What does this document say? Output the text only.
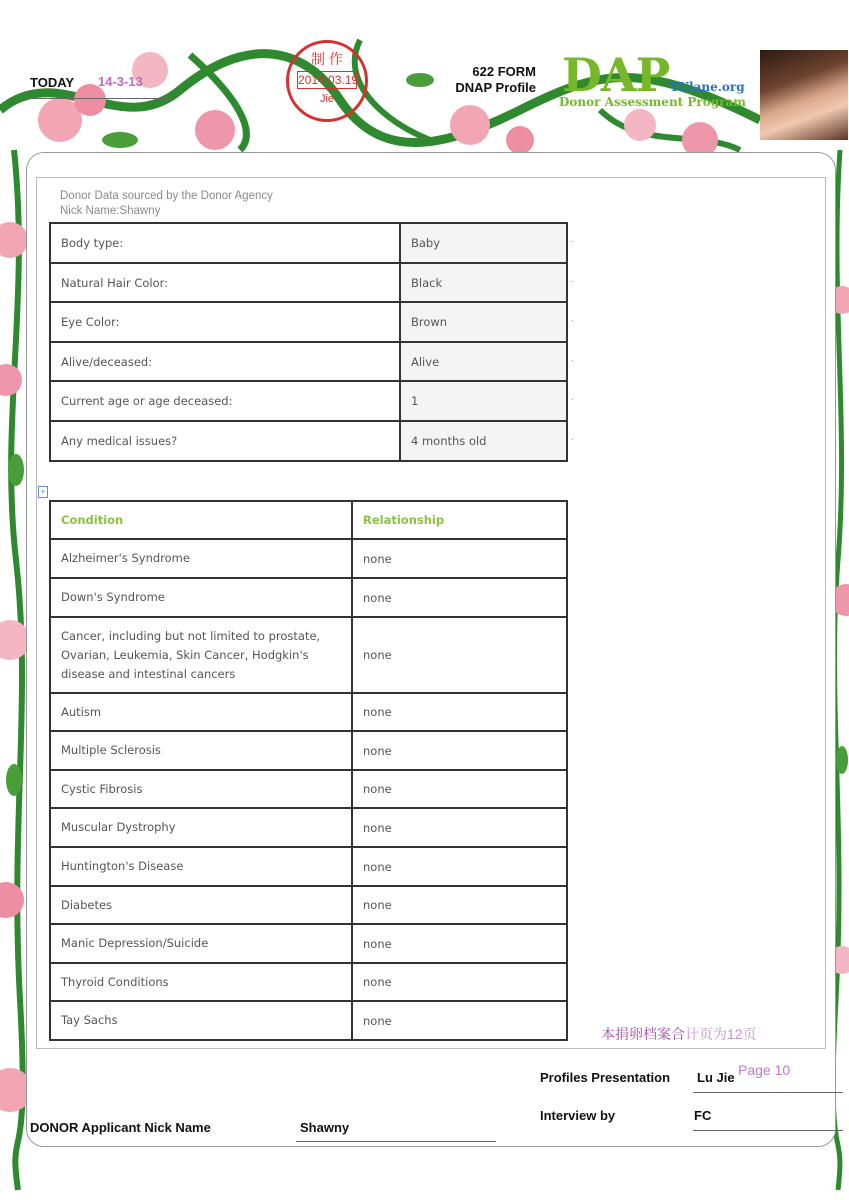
TODAY 14-3-13
制 作
2014.03.19
Jie
622 FORM
DNAP Profile DAP YUlane.org
Donor Assessment Program
Donor Data sourced by the Donor Agency
Nick Name:Shawny
Body type:	Baby
Natural Hair Color:	Black
Eye Color:	Brown
Alive/deceased:	Alive
Current age or age deceased:	1
Any medical issues?	4 months old
+
Condition	Relationship
Alzheimer's Syndrome	none
Down's Syndrome	none
Cancer, including but not limited to prostate, Ovarian, Leukemia, Skin Cancer, Hodgkin's disease and intestinal cancers	none
Autism	none
Multiple Sclerosis	none
Cystic Fibrosis	none
Muscular Dystrophy	none
Huntington's Disease	none
Diabetes	none
Manic Depression/Suicide	none
Thyroid Conditions	none
Tay Sachs	none
本捐卵档案合计页为12页
Page 10
Profiles Presentation Lu Jie
Interview by	FC
DONOR Applicant Nick Name	Shawny
·
·
·
·
·
·
